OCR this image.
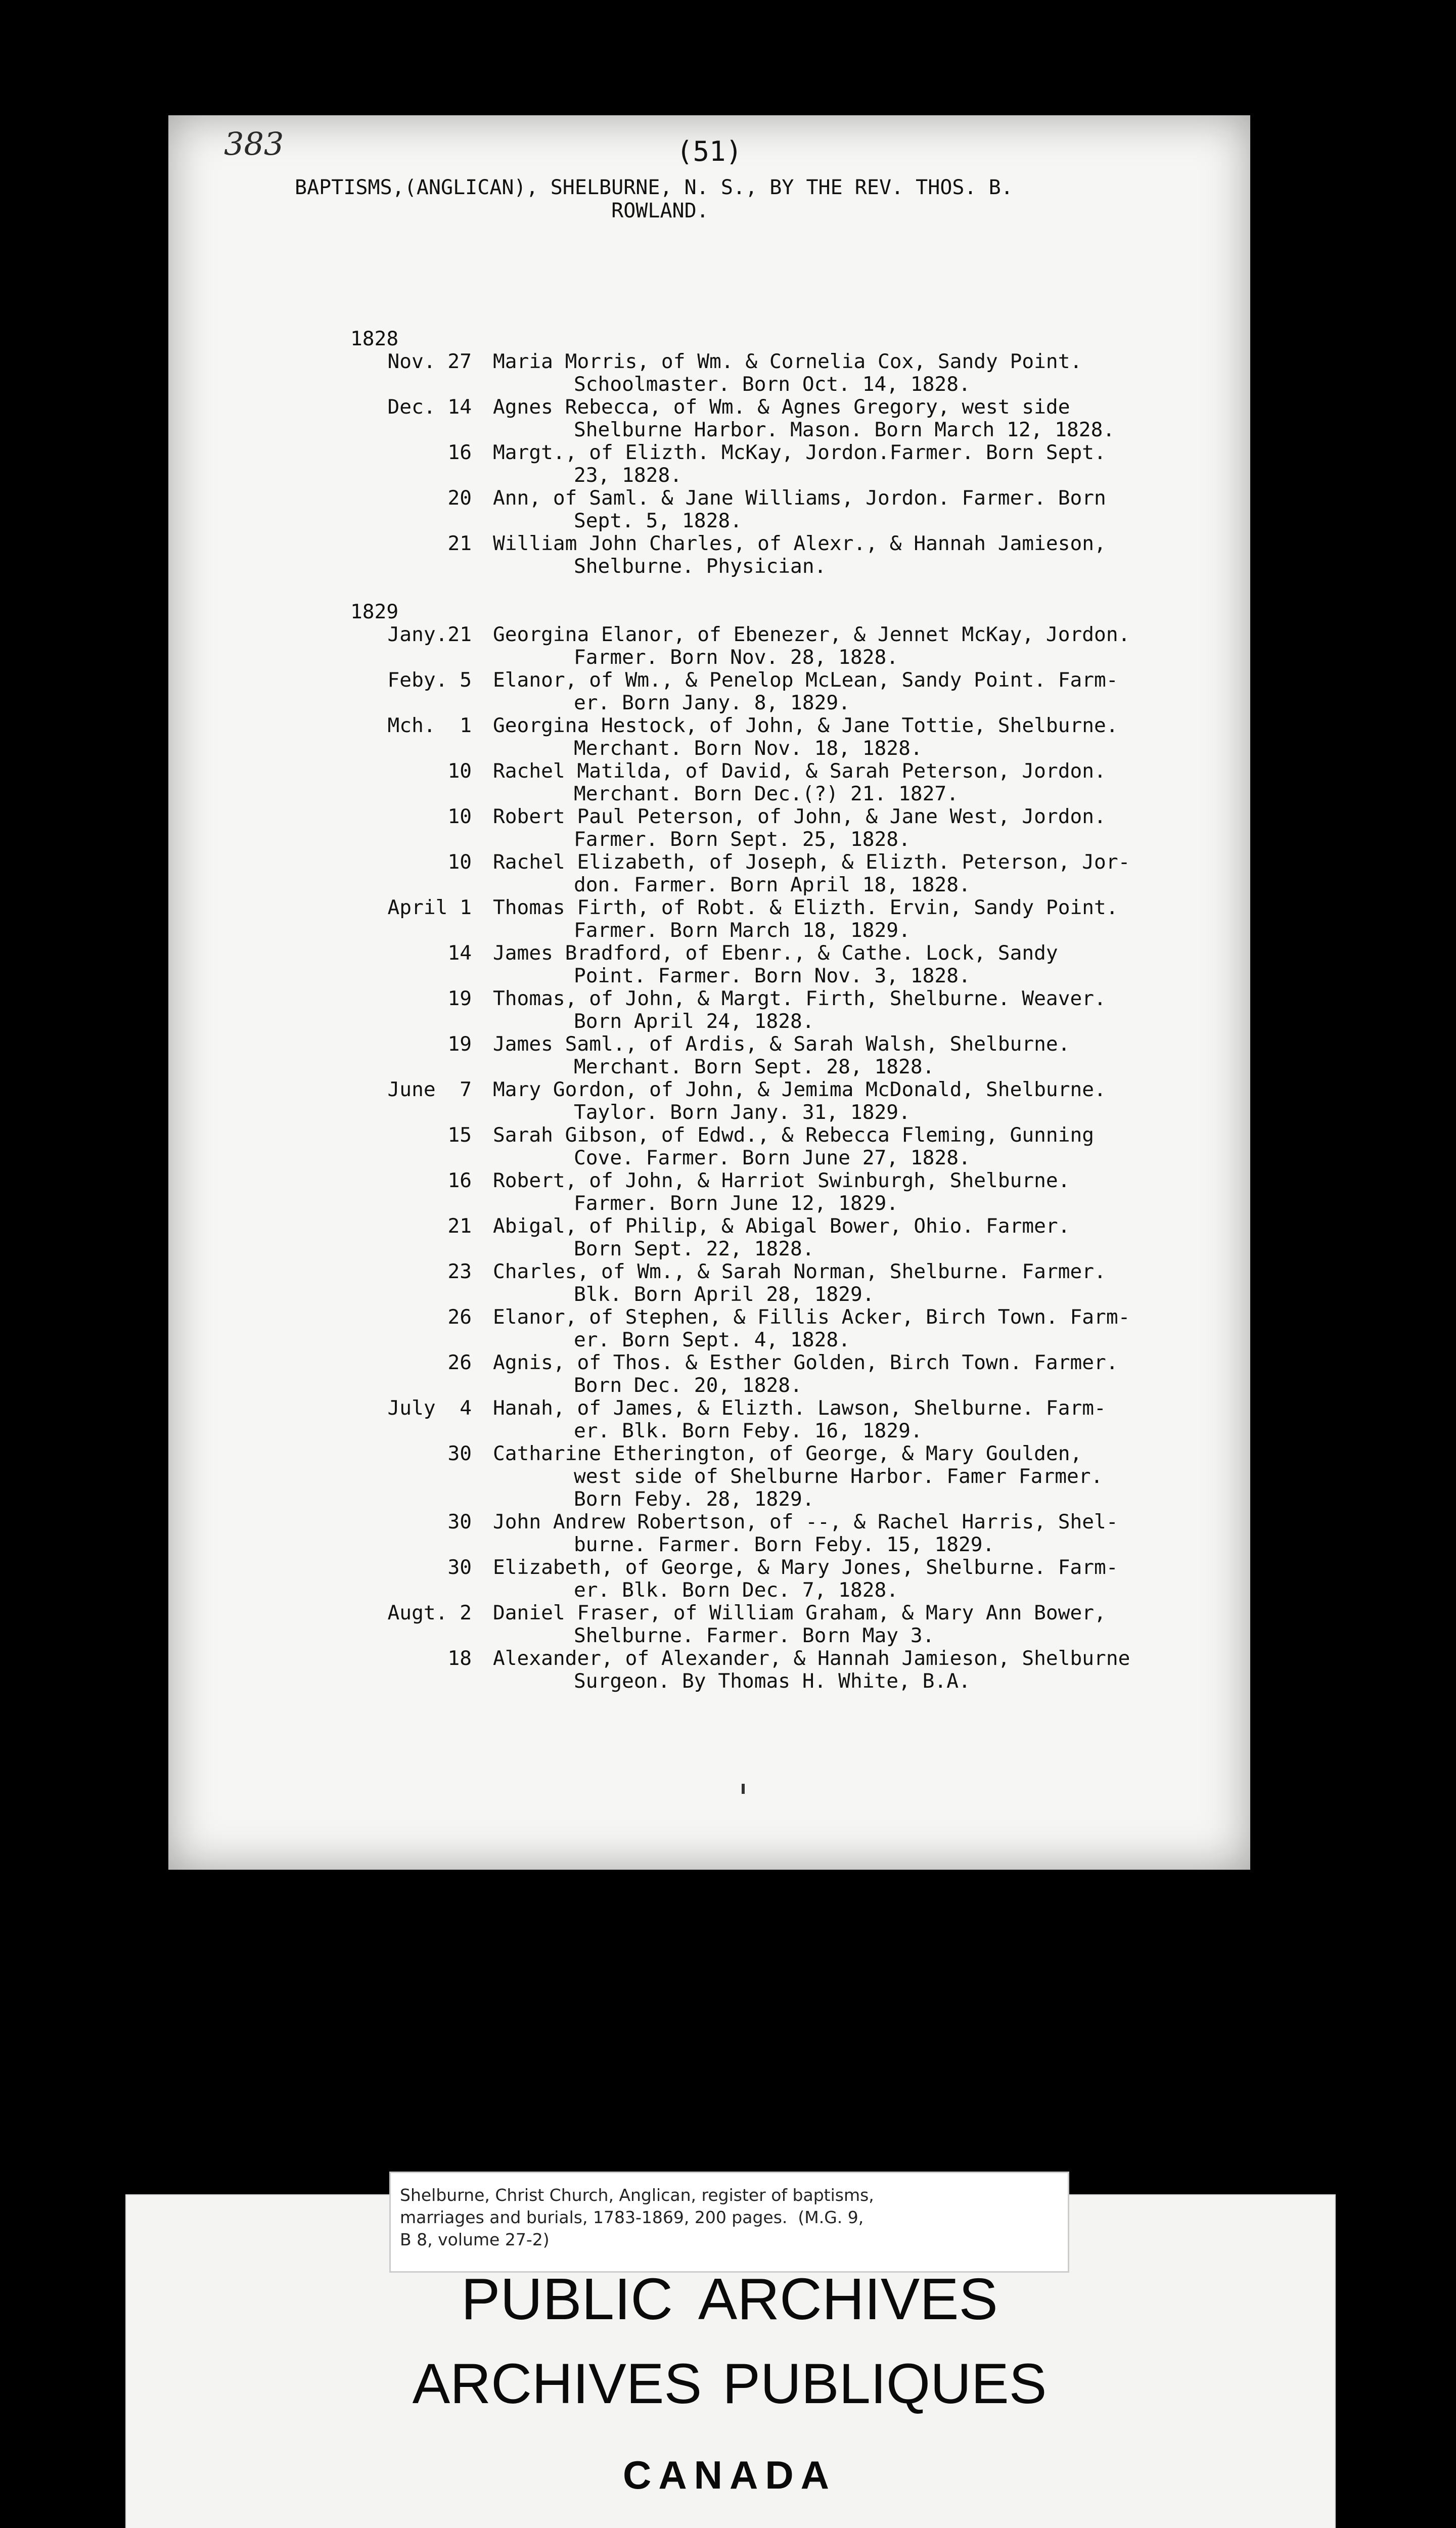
383	(51)
BAPTISMS,(ANGLICAN), SHELBURNE, N. S., BY THE REV. THOS. B.
ROWLAND.
1828
Nov. 27	Maria Morris, of Wm. & Cornelia Cox, Sandy Point.
Schoolmaster. Born Oct. 14, 1828.
Dec. 14	Agnes Rebecca, of Wm. & Agnes Gregory, west side
Shelburne Harbor. Mason. Born March 12, 1828.
16	Margt., of Elizth. McKay, Jordon.Farmer. Born Sept.
23, 1828.
20	Ann, of Saml. & Jane Williams, Jordon. Farmer. Born
Sept. 5, 1828.
21	William John Charles, of Alexr., & Hannah Jamieson,
Shelburne. Physician.
1829
Jany.21	Georgina Elanor, of Ebenezer, & Jennet McKay, Jordon.
Farmer. Born Nov. 28, 1828.
Feby. 5	Elanor, of Wm., & Penelop McLean, Sandy Point. Farm-
er. Born Jany. 8, 1829.
Mch.  1	Georgina Hestock, of John, & Jane Tottie, Shelburne.
Merchant. Born Nov. 18, 1828.
10	Rachel Matilda, of David, & Sarah Peterson, Jordon.
Merchant. Born Dec.(?) 21. 1827.
10	Robert Paul Peterson, of John, & Jane West, Jordon.
Farmer. Born Sept. 25, 1828.
10	Rachel Elizabeth, of Joseph, & Elizth. Peterson, Jor-
don. Farmer. Born April 18, 1828.
April 1	Thomas Firth, of Robt. & Elizth. Ervin, Sandy Point.
Farmer. Born March 18, 1829.
14	James Bradford, of Ebenr., & Cathe. Lock, Sandy
Point. Farmer. Born Nov. 3, 1828.
19	Thomas, of John, & Margt. Firth, Shelburne. Weaver.
Born April 24, 1828.
19	James Saml., of Ardis, & Sarah Walsh, Shelburne.
Merchant. Born Sept. 28, 1828.
June  7	Mary Gordon, of John, & Jemima McDonald, Shelburne.
Taylor. Born Jany. 31, 1829.
15	Sarah Gibson, of Edwd., & Rebecca Fleming, Gunning
Cove. Farmer. Born June 27, 1828.
16	Robert, of John, & Harriot Swinburgh, Shelburne.
Farmer. Born June 12, 1829.
21	Abigal, of Philip, & Abigal Bower, Ohio. Farmer.
Born Sept. 22, 1828.
23	Charles, of Wm., & Sarah Norman, Shelburne. Farmer.
Blk. Born April 28, 1829.
26	Elanor, of Stephen, & Fillis Acker, Birch Town. Farm-
er. Born Sept. 4, 1828.
26	Agnis, of Thos. & Esther Golden, Birch Town. Farmer.
Born Dec. 20, 1828.
July  4	Hanah, of James, & Elizth. Lawson, Shelburne. Farm-
er. Blk. Born Feby. 16, 1829.
30	Catharine Etherington, of George, & Mary Goulden,
west side of Shelburne Harbor. Famer Farmer.
Born Feby. 28, 1829.
30	John Andrew Robertson, of --, & Rachel Harris, Shel-
burne. Farmer. Born Feby. 15, 1829.
30	Elizabeth, of George, & Mary Jones, Shelburne. Farm-
er. Blk. Born Dec. 7, 1828.
Augt. 2	Daniel Fraser, of William Graham, & Mary Ann Bower,
Shelburne. Farmer. Born May 3.
18	Alexander, of Alexander, & Hannah Jamieson, Shelburne
Surgeon. By Thomas H. White, B.A.
Shelburne, Christ Church, Anglican, register of baptisms,
marriages and burials, 1783-1869, 200 pages.  (M.G. 9,
B 8, volume 27-2)
PUBLIC ARCHIVES
ARCHIVES PUBLIQUES
CANADA
